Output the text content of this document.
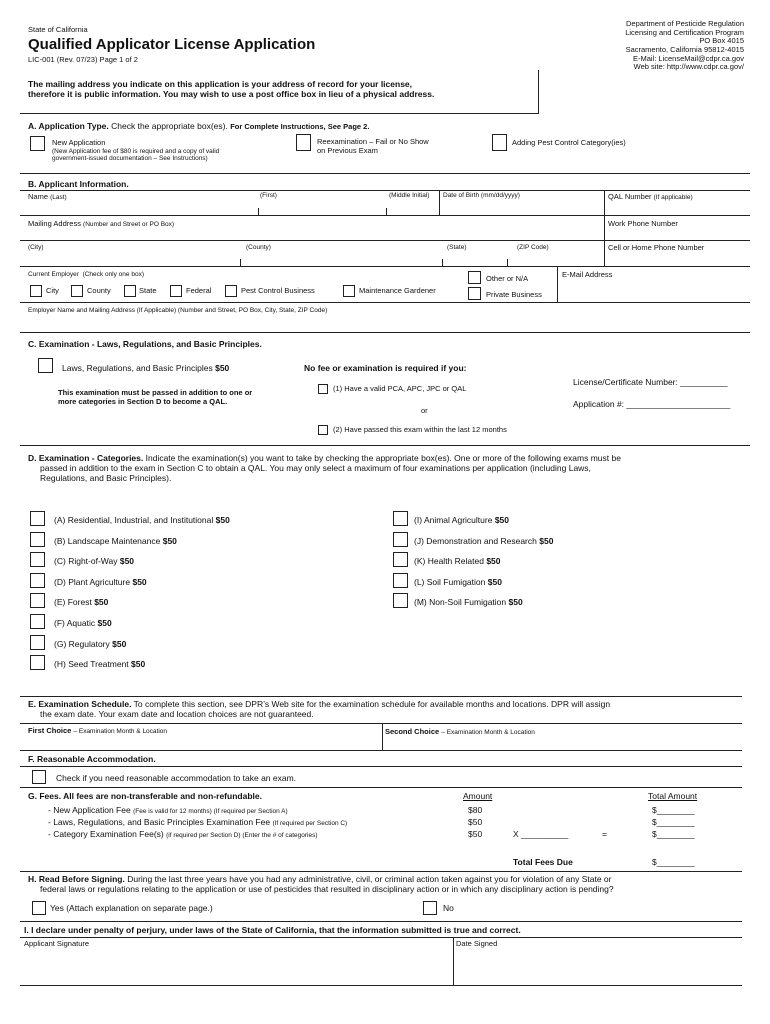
State of California
Qualified Applicator License Application
LIC-001 (Rev. 07/23) Page 1 of 2
The mailing address you indicate on this application is your address of record for your license,
therefore it is public information. You may wish to use a post office box in lieu of a physical address.
Department of Pesticide Regulation
Licensing and Certification Program
PO Box 4015
Sacramento, California 95812-4015
E-Mail: LicenseMail@cdpr.ca.gov
Web site: http://www.cdpr.ca.gov/
A. Application Type. Check the appropriate box(es). For Complete Instructions, See Page 2.
New Application
(New Application fee of $80 is required and a copy of valid
government-issued documentation – See Instructions)
Reexamination – Fail or No Show
on Previous Exam
Adding Pest Control Category(ies)
B. Applicant Information.
Name (Last)	(First)	(Middle Initial) Date of Birth (mm/dd/yyyy)	QAL Number (If applicable)
Mailing Address (Number and Street or PO Box)	Work Phone Number
(City)	(County)	(State)	(ZIP Code)	Cell or Home Phone Number
Current Employer (Check only one box)
City	County	State	Federal	Pest Control Business	Maintenance Gardener
Other or N/A
Private Business
E-Mail Address
Employer Name and Mailing Address (If Applicable) (Number and Street, PO Box, City, State, ZIP Code)
C. Examination - Laws, Regulations, and Basic Principles.
Laws, Regulations, and Basic Principles $50
This examination must be passed in addition to one or
more categories in Section D to become a QAL.
No fee or examination is required if you:
(1) Have a valid PCA, APC, JPC or QAL
or
(2) Have passed this exam within the last 12 months
License/Certificate Number: __________
Application #: ______________________
D. Examination - Categories. Indicate the examination(s) you want to take by checking the appropriate box(es). One or more of the following exams must be
passed in addition to the exam in Section C to obtain a QAL. You may only select a maximum of four examinations per application (including Laws,
Regulations, and Basic Principles).
(A) Residential, Industrial, and Institutional $50
(B) Landscape Maintenance $50
(C) Right-of-Way $50
(D) Plant Agriculture $50
(E) Forest $50
(F) Aquatic $50
(G) Regulatory $50
(H) Seed Treatment $50
(I) Animal Agriculture $50
(J) Demonstration and Research $50
(K) Health Related $50
(L) Soil Fumigation $50
(M) Non-Soil Fumigation $50
E. Examination Schedule. To complete this section, see DPR’s Web site for the examination schedule for available months and locations. DPR will assign
the exam date. Your exam date and location choices are not guaranteed.
First Choice – Examination Month & Location	Second Choice – Examination Month & Location
F. Reasonable Accommodation.
Check if you need reasonable accommodation to take an exam.
G. Fees. All fees are non-transferable and non-refundable.	Amount	Total Amount
- New Application Fee (Fee is valid for 12 months) (If required per Section A)	$80	$________
- Laws, Regulations, and Basic Principles Examination Fee (If required per Section C)	$50	$________
- Category Examination Fee(s) (if required per Section D) (Enter the # of categories)	$50	X __________	=	$________
Total Fees Due	$________
H. Read Before Signing. During the last three years have you had any administrative, civil, or criminal action taken against you for violation of any State or
federal laws or regulations relating to the application or use of pesticides that resulted in disciplinary action or in which any disciplinary action is pending?
Yes (Attach explanation on separate page.)	No
I. I declare under penalty of perjury, under laws of the State of California, that the information submitted is true and correct.
Applicant Signature	Date Signed
